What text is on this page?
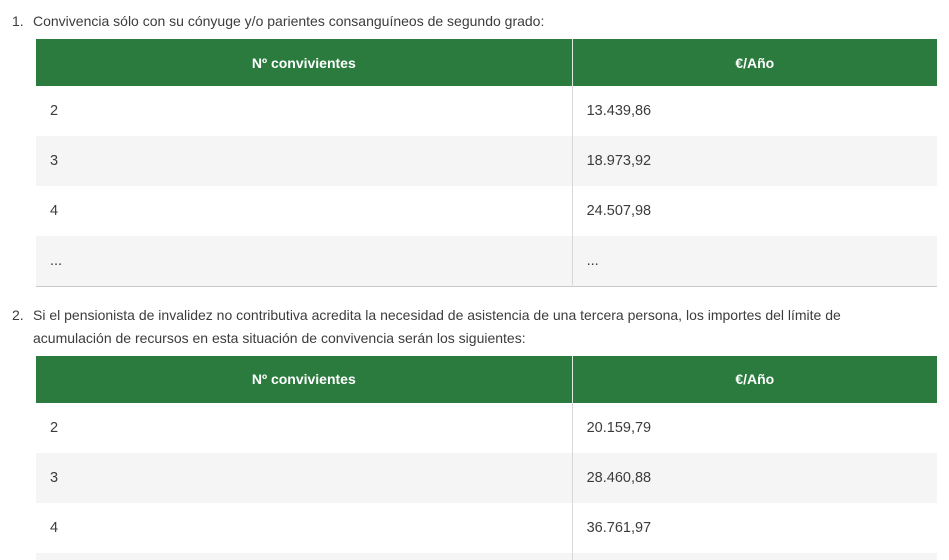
1. Convivencia sólo con su cónyuge y/o parientes consanguíneos de segundo grado:

Nº convivientes	€/Año
2	13.439,86
3	18.973,92
4	24.507,98
...	...
2. Si el pensionista de invalidez no contributiva acredita la necesidad de asistencia de una tercera persona, los importes del límite de acumulación de recursos en esta situación de convivencia serán los siguientes:

Nº convivientes	€/Año
2	20.159,79
3	28.460,88
4	36.761,97
